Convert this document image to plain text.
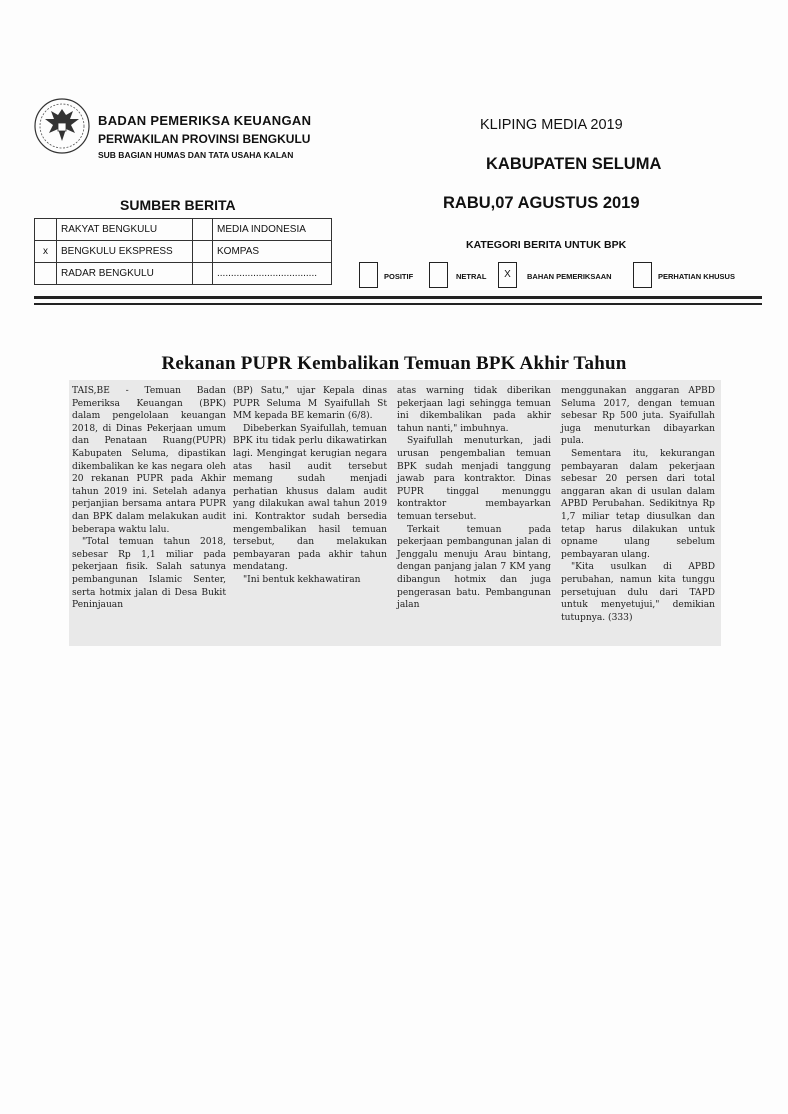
BADAN PEMERIKSA KEUANGAN
PERWAKILAN PROVINSI BENGKULU
SUB BAGIAN HUMAS DAN TATA USAHA KALAN
KLIPING MEDIA 2019
KABUPATEN SELUMA
RABU,07 AGUSTUS 2019
SUMBER BERITA
	RAKYAT BENGKULU		MEDIA INDONESIA
x	BENGKULU EKSPRESS		KOMPAS
	RADAR BENGKULU		....................................
KATEGORI BERITA UNTUK BPK
POSITIF	NETRAL	X	BAHAN PEMERIKSAAN	PERHATIAN KHUSUS
Rekanan PUPR Kembalikan Temuan BPK Akhir Tahun

TAIS,BE - Temuan Badan Pemeriksa Keuangan (BPK) dalam pengelolaan keuangan 2018, di Dinas Pekerjaan umum dan Penataan Ruang(PUPR) Kabupaten Seluma, dipastikan dikembalikan ke kas negara oleh 20 rekanan PUPR pada Akhir tahun 2019 ini. Setelah adanya perjanjian bersama antara PUPR dan BPK dalam melakukan audit beberapa waktu lalu.

"Total temuan tahun 2018, sebesar Rp 1,1 miliar pada pekerjaan fisik. Salah satunya pembangunan Islamic Senter, serta hotmix jalan di Desa Bukit Peninjauan

(BP) Satu," ujar Kepala dinas PUPR Seluma M Syaifullah St MM kepada BE kemarin (6/8).

Dibeberkan Syaifullah, temuan BPK itu tidak perlu dikawatirkan lagi. Mengingat kerugian negara atas hasil audit tersebut memang sudah menjadi perhatian khusus dalam audit yang dilakukan awal tahun 2019 ini. Kontraktor sudah bersedia mengembalikan hasil temuan tersebut, dan melakukan pembayaran pada akhir tahun mendatang.

"Ini bentuk kekhawatiran

atas warning tidak diberikan pekerjaan lagi sehingga temuan ini dikembalikan pada akhir tahun nanti," imbuhnya.

Syaifullah menuturkan, jadi urusan pengembalian temuan BPK sudah menjadi tanggung jawab para kontraktor. Dinas PUPR tinggal menunggu kontraktor membayarkan temuan tersebut.

Terkait temuan pada pekerjaan pembangunan jalan di Jenggalu menuju Arau bintang, dengan panjang jalan 7 KM yang dibangun hotmix dan juga pengerasan batu. Pembangunan jalan

menggunakan anggaran APBD Seluma 2017, dengan temuan sebesar Rp 500 juta. Syaifullah juga menuturkan dibayarkan pula.

Sementara itu, kekurangan pembayaran dalam pekerjaan sebesar 20 persen dari total anggaran akan di usulan dalam APBD Perubahan. Sedikitnya Rp 1,7 miliar tetap diusulkan dan tetap harus dilakukan untuk opname ulang sebelum pembayaran ulang.

"Kita usulkan di APBD perubahan, namun kita tunggu persetujuan dulu dari TAPD untuk menyetujui," demikian tutupnya. (333)
